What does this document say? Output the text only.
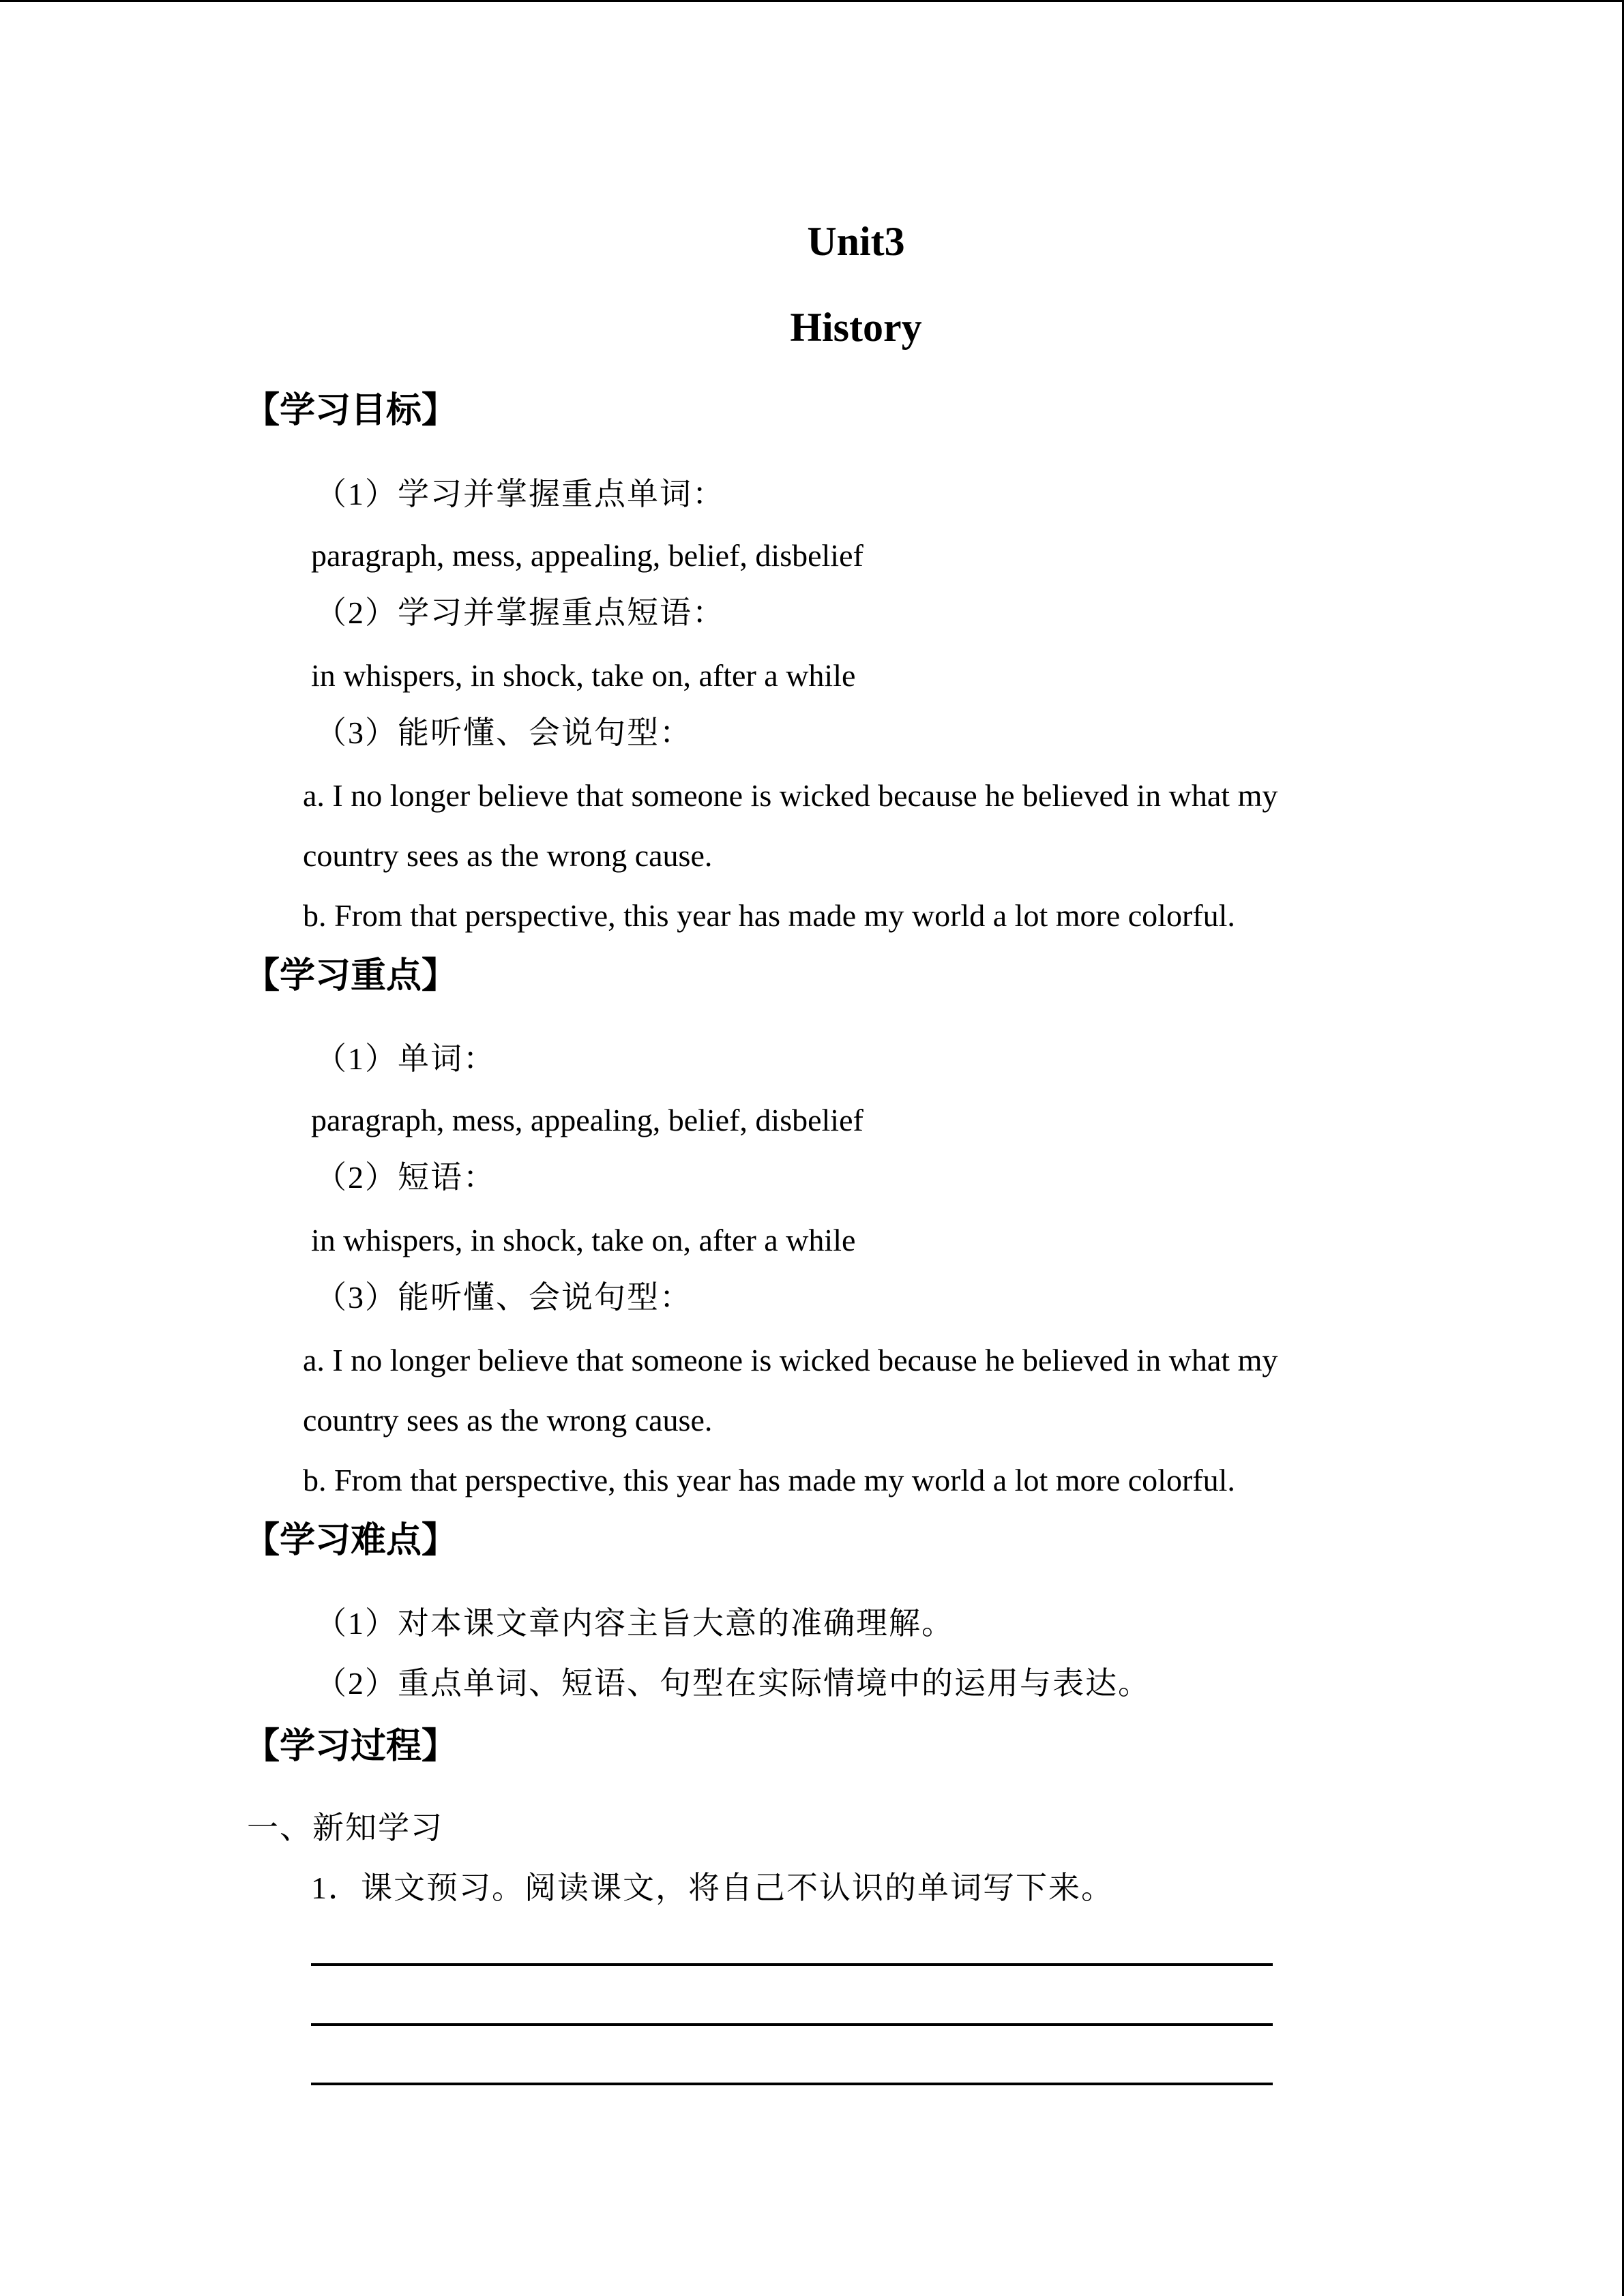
Unit3
History
【学习目标】
（1）学习并掌握重点单词：
paragraph, mess, appealing, belief, disbelief
（2）学习并掌握重点短语：
in whispers, in shock, take on, after a while
（3）能听懂、会说句型：
a. I no longer believe that someone is wicked because he believed in what my
country sees as the wrong cause.
b. From that perspective, this year has made my world a lot more colorful.
【学习重点】
（1）单词：
paragraph, mess, appealing, belief, disbelief
（2）短语：
in whispers, in shock, take on, after a while
（3）能听懂、会说句型：
a. I no longer believe that someone is wicked because he believed in what my
country sees as the wrong cause.
b. From that perspective, this year has made my world a lot more colorful.
【学习难点】
（1）对本课文章内容主旨大意的准确理解。
（2）重点单词、短语、句型在实际情境中的运用与表达。
【学习过程】
一、新知学习
1．课文预习。阅读课文，将自己不认识的单词写下来。
